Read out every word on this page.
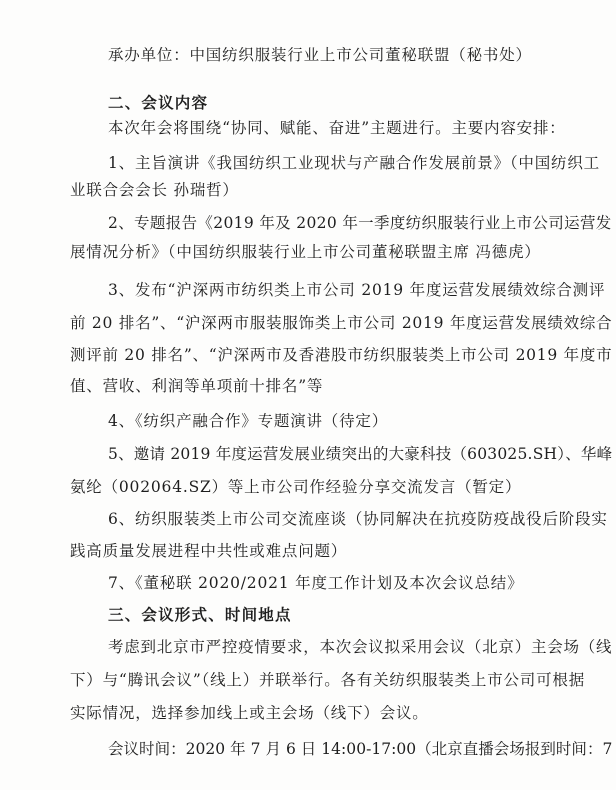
承办单位：中国纺织服装行业上市公司董秘联盟（秘书处）
二、会议内容
本次年会将围绕“协同、赋能、奋进”主题进行。主要内容安排：
1、主旨演讲《我国纺织工业现状与产融合作发展前景》（中国纺织工
业联合会会长 孙瑞哲）
2、专题报告《2019 年及 2020 年一季度纺织服装行业上市公司运营发
展情况分析》（中国纺织服装行业上市公司董秘联盟主席 冯德虎）
3、发布“沪深两市纺织类上市公司 2019 年度运营发展绩效综合测评
前 20 排名”、“沪深两市服装服饰类上市公司 2019 年度运营发展绩效综合
测评前 20 排名”、“沪深两市及香港股市纺织服装类上市公司 2019 年度市
值、营收、利润等单项前十排名”等
4、《纺织产融合作》专题演讲（待定）
5、邀请 2019 年度运营发展业绩突出的大豪科技（603025.SH）、华峰
氨纶（002064.SZ）等上市公司作经验分享交流发言（暂定）
6、纺织服装类上市公司交流座谈（协同解决在抗疫防疫战役后阶段实
践高质量发展进程中共性或难点问题）
7、《董秘联 2020/2021 年度工作计划及本次会议总结》
三、会议形式、时间地点
考虑到北京市严控疫情要求，本次会议拟采用会议（北京）主会场（线
下）与“腾讯会议”（线上）并联举行。各有关纺织服装类上市公司可根据
实际情况，选择参加线上或主会场（线下）会议。
会议时间：2020 年 7 月 6 日 14:00-17:00（北京直播会场报到时间：7
